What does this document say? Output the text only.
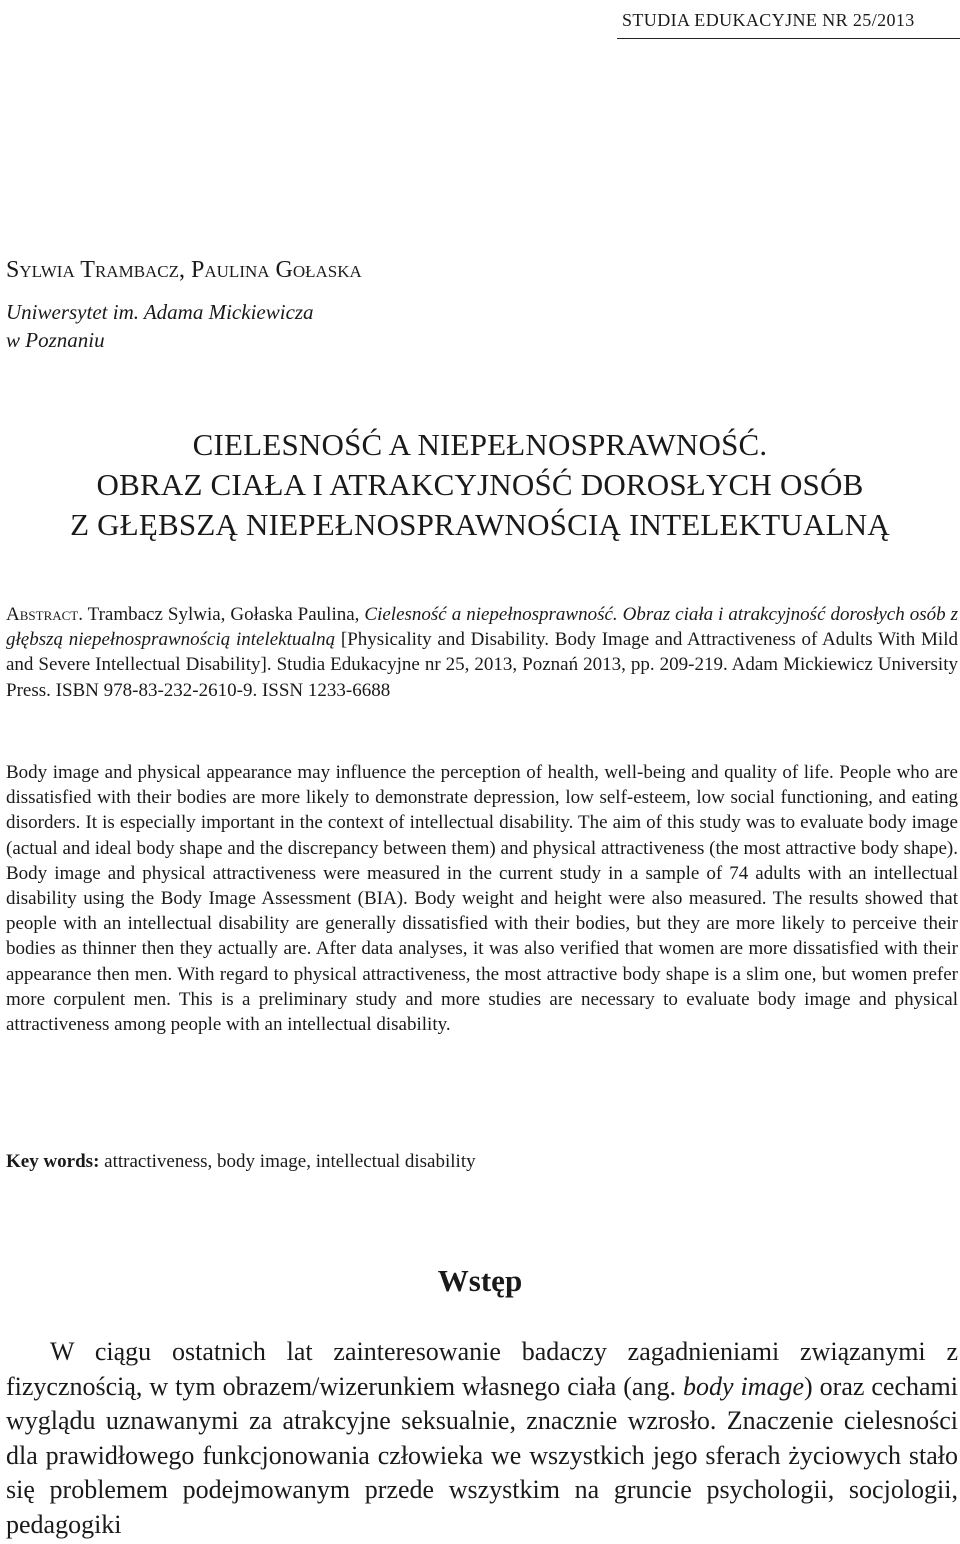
STUDIA EDUKACYJNE NR 25/2013
Sylwia Trambacz, Paulina Gołaska
Uniwersytet im. Adama Mickiewicza
w Poznaniu
CIELESNOŚĆ A NIEPEŁNOSPRAWNOŚĆ.
OBRAZ CIAŁA I ATRAKCYJNOŚĆ DOROSŁYCH OSÓB
Z GŁĘBSZĄ NIEPEŁNOSPRAWNOŚCIĄ INTELEKTUALNĄ
Abstract. Trambacz Sylwia, Gołaska Paulina, Cielesność a niepełnosprawność. Obraz ciała i atrakcyjność dorosłych osób z głębszą niepełnosprawnością intelektualną [Physicality and Disability. Body Image and Attractiveness of Adults With Mild and Severe Intellectual Disability]. Studia Edukacyjne nr 25, 2013, Poznań 2013, pp. 209-219. Adam Mickiewicz University Press. ISBN 978-83-232-2610-9. ISSN 1233-6688
Body image and physical appearance may influence the perception of health, well-being and quality of life. People who are dissatisfied with their bodies are more likely to demonstrate depression, low self-esteem, low social functioning, and eating disorders. It is especially important in the context of intellectual disability. The aim of this study was to evaluate body image (actual and ideal body shape and the discrepancy between them) and physical attractiveness (the most attractive body shape). Body image and physical attractiveness were measured in the current study in a sample of 74 adults with an intellectual disability using the Body Image Assessment (BIA). Body weight and height were also measured. The results showed that people with an intellectual disability are generally dissatisfied with their bodies, but they are more likely to perceive their bodies as thinner then they actually are. After data analyses, it was also verified that women are more dissatisfied with their appearance then men. With regard to physical attractiveness, the most attractive body shape is a slim one, but women prefer more corpulent men. This is a preliminary study and more studies are necessary to evaluate body image and physical attractiveness among people with an intellectual disability.
Key words: attractiveness, body image, intellectual disability
Wstęp
W ciągu ostatnich lat zainteresowanie badaczy zagadnieniami związanymi z fizycznością, w tym obrazem/wizerunkiem własnego ciała (ang. body image) oraz cechami wyglądu uznawanymi za atrakcyjne seksualnie, znacznie wzrosło. Znaczenie cielesności dla prawidłowego funkcjonowania człowieka we wszystkich jego sferach życiowych stało się problemem podejmowanym przede wszystkim na gruncie psychologii, socjologii, pedagogiki
